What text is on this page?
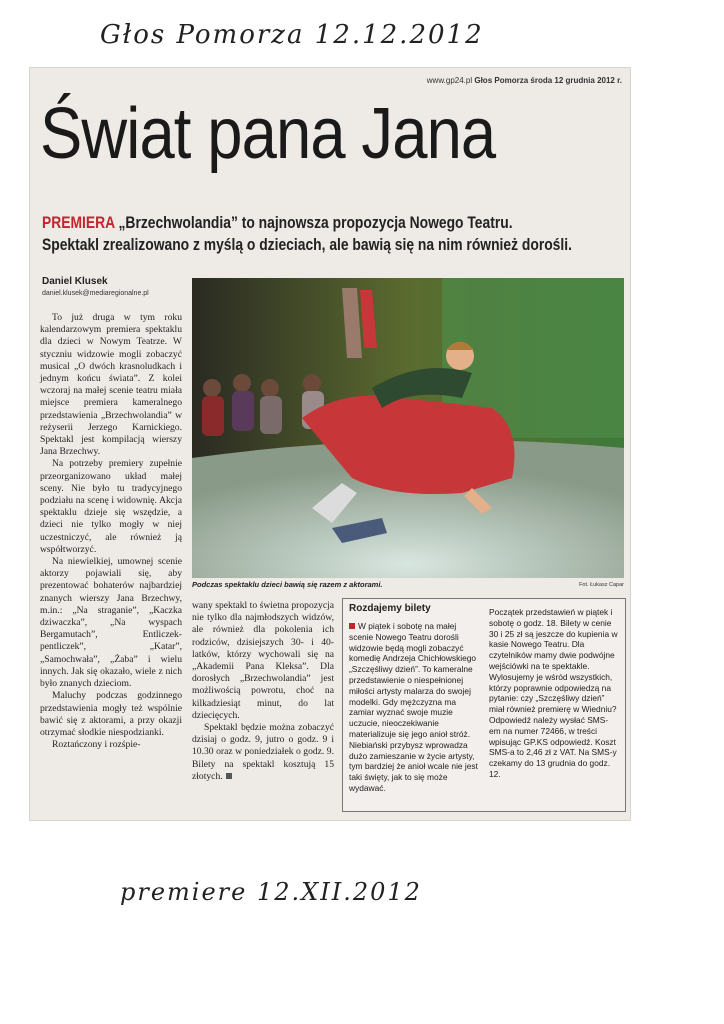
Głos Pomorza 12.12.2012
www.gp24.pl Głos Pomorza środa 12 grudnia 2012 r.
Świat pana Jana
PREMIERA „Brzechwolandia” to najnowsza propozycja Nowego Teatru.
Spektakl zrealizowano z myślą o dzieciach, ale bawią się na nim również dorośli.
Daniel Klusek
daniel.klusek@mediaregionalne.pl

To już druga w tym roku kalendarzowym premiera spektaklu dla dzieci w Nowym Teatrze. W styczniu widzowie mogli zobaczyć musical „O dwóch krasnoludkach i jednym końcu świata”. Z kolei wczoraj na małej scenie teatru miała miejsce premiera kameralnego przedstawienia „Brzechwolandia” w reżyserii Jerzego Karnickiego. Spektakl jest kompilacją wierszy Jana Brzechwy.

Na potrzeby premiery zupełnie przeorganizowano układ małej sceny. Nie było tu tradycyjnego podziału na scenę i widownię. Akcja spektaklu dzieje się wszędzie, a dzieci nie tylko mogły w niej uczestniczyć, ale również ją współtworzyć.

Na niewielkiej, umownej scenie aktorzy pojawiali się, aby prezentować bohaterów najbardziej znanych wierszy Jana Brzechwy, m.in.: „Na straganie”, „Kaczka dziwaczka”, „Na wyspach Bergamutach”, Entliczek-pentliczek”, „Katar”, „Samochwała”, „Żaba” i wielu innych. Jak się okazało, wiele z nich było znanych dzieciom.

Maluchy podczas godzinnego przedstawienia mogły też wspólnie bawić się z aktorami, a przy okazji otrzymać słodkie niespodzianki.

Roztańczony i rozśpie-

Podczas spektaklu dzieci bawią się razem z aktorami.	Fot. Łukasz Capar

wany spektakl to świetna propozycja nie tylko dla najmłodszych widzów, ale również dla pokolenia ich rodziców, dzisiejszych 30- i 40-latków, którzy wychowali się na „Akademii Pana Kleksa”. Dla dorosłych „Brzechwolandia” jest możliwością powrotu, choć na kilkadziesiąt minut, do lat dziecięcych.

Spektakl będzie można zobaczyć dzisiaj o godz. 9, jutro o godz. 9 i 10.30 oraz w poniedziałek o godz. 9. Bilety na spektakl kosztują 15 złotych.

Rozdajemy bilety
W piątek i sobotę na małej scenie Nowego Teatru dorośli widzowie będą mogli zobaczyć komedię Andrzeja Chichłowskiego „Szczęśliwy dzień”. To kameralne przedstawienie o niespełnionej miłości artysty malarza do swojej modelki. Gdy mężczyzna ma zamiar wyznać swoje muzie uczucie, nieoczekiwanie materializuje się jego anioł stróż. Niebiański przybysz wprowadza dużo zamieszanie w życie artysty, tym bardziej że anioł wcale nie jest taki święty, jak to się może wydawać.
Początek przedstawień w piątek i sobotę o godz. 18. Bilety w cenie 30 i 25 zł są jeszcze do kupienia w kasie Nowego Teatru. Dla czytelników mamy dwie podwójne wejściówki na te spektakle. Wylosujemy je wśród wszystkich, którzy poprawnie odpowiedzą na pytanie: czy „Szczęśliwy dzień” miał również premierę w Wiedniu? Odpowiedź należy wysłać SMS-em na numer 72466, w treści wpisując GP.KS odpowiedź. Koszt SMS-a to 2,46 zł z VAT. Na SMS-y czekamy do 13 grudnia do godz. 12.
premiere 12.XII.2012
